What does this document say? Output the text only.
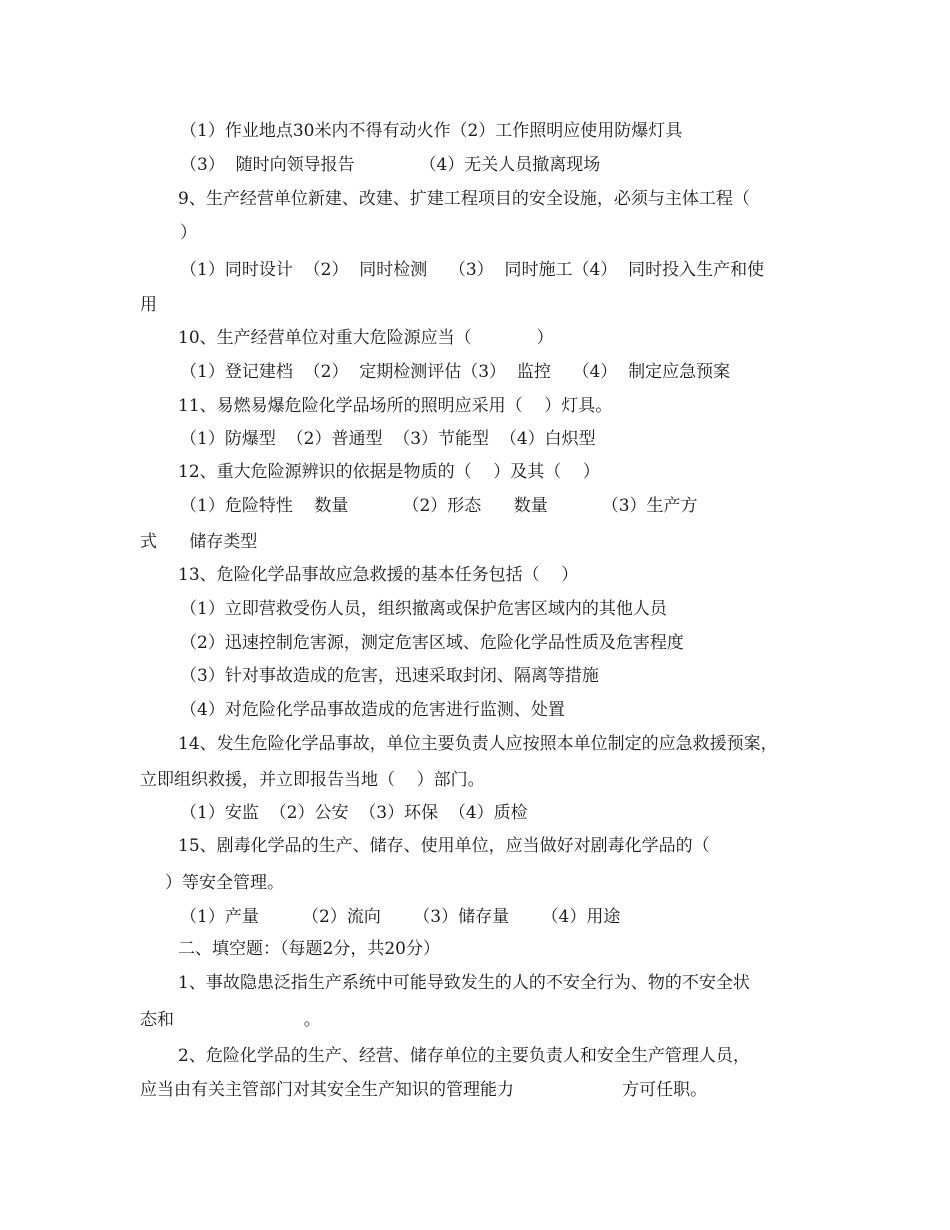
（1）作业地点30米内不得有动火作（2）工作照明应使用防爆灯具
（3）  随时向领导报告            （4）无关人员撤离现场
9、生产经营单位新建、改建、扩建工程项目的安全设施，必须与主体工程（
）
（1）同时设计  （2）  同时检测    （3）  同时施工（4）  同时投入生产和使
用
10、生产经营单位对重大危险源应当（            ）
（1）登记建档  （2）  定期检测评估（3）  监控    （4）  制定应急预案
11、易燃易爆危险化学品场所的照明应采用（    ）灯具。
（1）防爆型  （2）普通型  （3）节能型  （4）白炽型
12、重大危险源辨识的依据是物质的（    ）及其（    ）
（1）危险特性    数量          （2）形态      数量          （3）生产方
式      储存类型
13、危险化学品事故应急救援的基本任务包括（    ）
（1）立即营救受伤人员，组织撤离或保护危害区域内的其他人员
（2）迅速控制危害源，测定危害区域、危险化学品性质及危害程度
（3）针对事故造成的危害，迅速采取封闭、隔离等措施
（4）对危险化学品事故造成的危害进行监测、处置
14、发生危险化学品事故，单位主要负责人应按照本单位制定的应急救援预案，
立即组织救援，并立即报告当地（    ）部门。
（1）安监  （2）公安  （3）环保  （4）质检
15、剧毒化学品的生产、储存、使用单位，应当做好对剧毒化学品的（
）等安全管理。
（1）产量        （2）流向      （3）储存量      （4）用途
二、填空题：（每题2分，共20分）
1、事故隐患泛指生产系统中可能导致发生的人的不安全行为、物的不安全状
态和                        。
2、危险化学品的生产、经营、储存单位的主要负责人和安全生产管理人员，
应当由有关主管部门对其安全生产知识的管理能力                    方可任职。
